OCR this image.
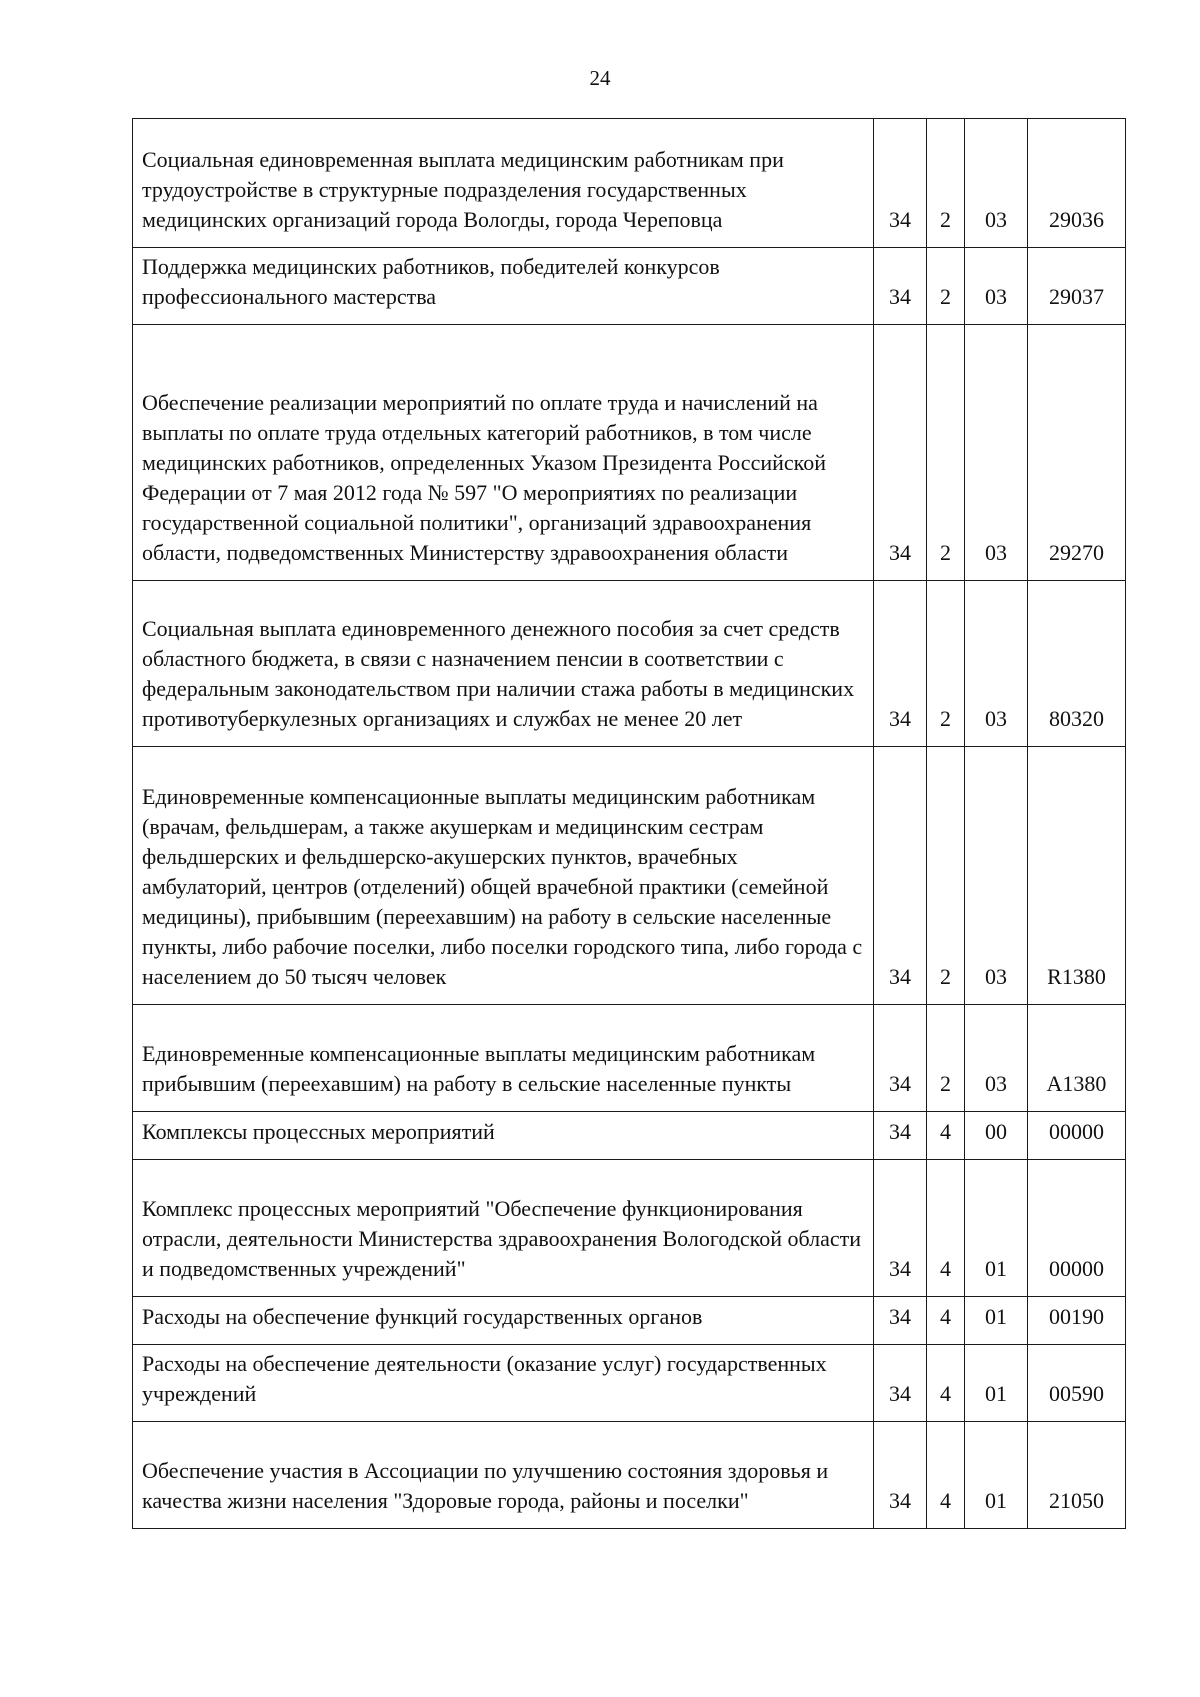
24
Социальная единовременная выплата медицинским работникам при трудоустройстве в структурные подразделения государственных медицинских организаций города Вологды, города Череповца	34	2	03	29036
Поддержка медицинских работников, победителей конкурсов профессионального мастерства	34	2	03	29037
Обеспечение реализации мероприятий по оплате труда и начислений на выплаты по оплате труда отдельных категорий работников, в том числе медицинских работников, определенных Указом Президента Российской Федерации от 7 мая 2012 года № 597 "О мероприятиях по реализации государственной социальной политики", организаций здравоохранения области, подведомственных Министерству здравоохранения области	34	2	03	29270
Социальная выплата единовременного денежного пособия за счет средств областного бюджета, в связи с назначением пенсии в соответствии с федеральным законодательством при наличии стажа работы в медицинских противотуберкулезных организациях и службах не менее 20 лет	34	2	03	80320
Единовременные компенсационные выплаты медицинским работникам (врачам, фельдшерам, а также акушеркам и медицинским сестрам фельдшерских и фельдшерско-акушерских пунктов, врачебных амбулаторий, центров (отделений) общей врачебной практики (семейной медицины), прибывшим (переехавшим) на работу в сельские населенные пункты, либо рабочие поселки, либо поселки городского типа, либо города с населением до 50 тысяч человек	34	2	03	R1380
Единовременные компенсационные выплаты медицинским работникам прибывшим (переехавшим) на работу в сельские населенные пункты	34	2	03	А1380
Комплексы процессных мероприятий	34	4	00	00000
Комплекс процессных мероприятий "Обеспечение функционирования отрасли, деятельности Министерства здравоохранения Вологодской области и подведомственных учреждений"	34	4	01	00000
Расходы на обеспечение функций государственных органов	34	4	01	00190
Расходы на обеспечение деятельности (оказание услуг) государственных учреждений	34	4	01	00590
Обеспечение участия в Ассоциации по улучшению состояния здоровья и качества жизни населения "Здоровые города, районы и поселки"	34	4	01	21050
